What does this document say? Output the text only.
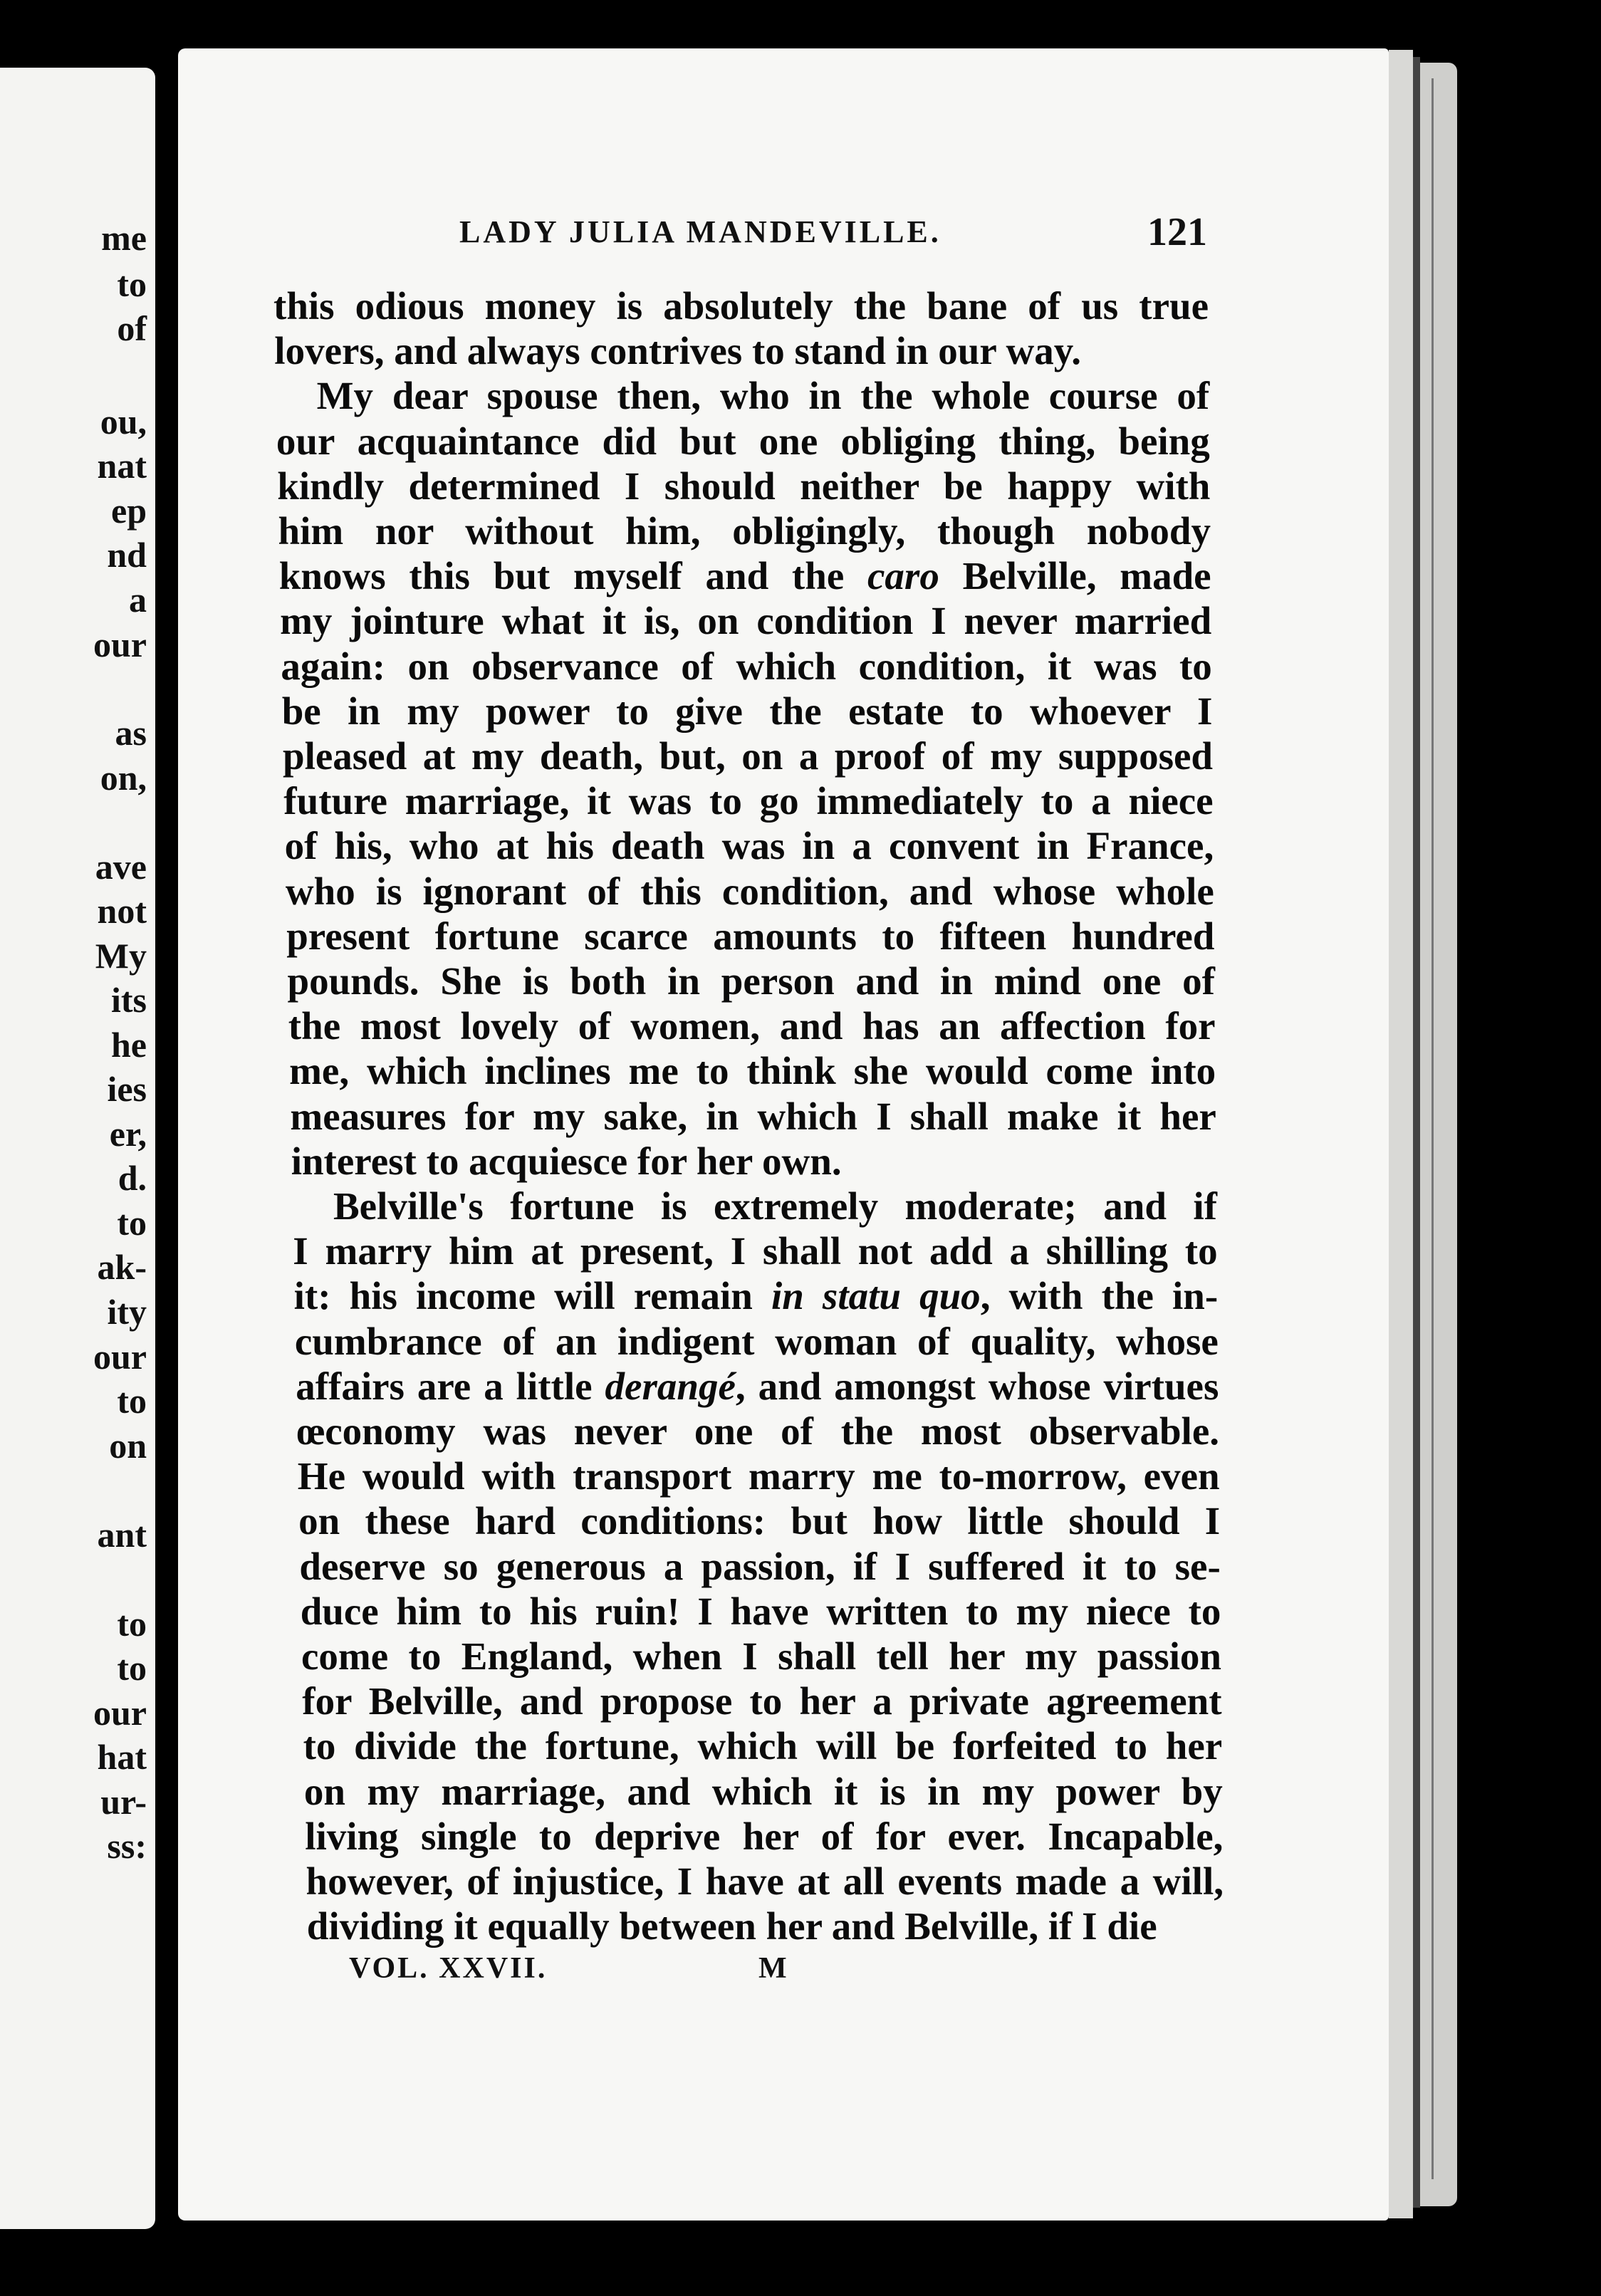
me
to
of
ou,
nat
ep
nd
a
our
as
on,
ave
not
My
its
he
ies
er,
d.
to
ak-
ity
our
to
on
ant
to
to
our
hat
ur-
ss:
LADY JULIA MANDEVILLE.	121
this odious money is absolutely the bane of us true
lovers, and always contrives to stand in our way.
My dear spouse then, who in the whole course of
our acquaintance did but one obliging thing, being
kindly determined I should neither be happy with
him nor without him, obligingly, though nobody
knows this but myself and the caro Belville, made
my jointure what it is, on condition I never married
again: on observance of which condition, it was to
be in my power to give the estate to whoever I
pleased at my death, but, on a proof of my supposed
future marriage, it was to go immediately to a niece
of his, who at his death was in a convent in France,
who is ignorant of this condition, and whose whole
present fortune scarce amounts to fifteen hundred
pounds. She is both in person and in mind one of
the most lovely of women, and has an affection for
me, which inclines me to think she would come into
measures for my sake, in which I shall make it her
interest to acquiesce for her own.
Belville's fortune is extremely moderate; and if
I marry him at present, I shall not add a shilling to
it: his income will remain in statu quo, with the in-
cumbrance of an indigent woman of quality, whose
affairs are a little derangé, and amongst whose virtues
œconomy was never one of the most observable.
He would with transport marry me to-morrow, even
on these hard conditions: but how little should I
deserve so generous a passion, if I suffered it to se-
duce him to his ruin! I have written to my niece to
come to England, when I shall tell her my passion
for Belville, and propose to her a private agreement
to divide the fortune, which will be forfeited to her
on my marriage, and which it is in my power by
living single to deprive her of for ever. Incapable,
however, of injustice, I have at all events made a will,
dividing it equally between her and Belville, if I die
VOL. XXVII.	M
